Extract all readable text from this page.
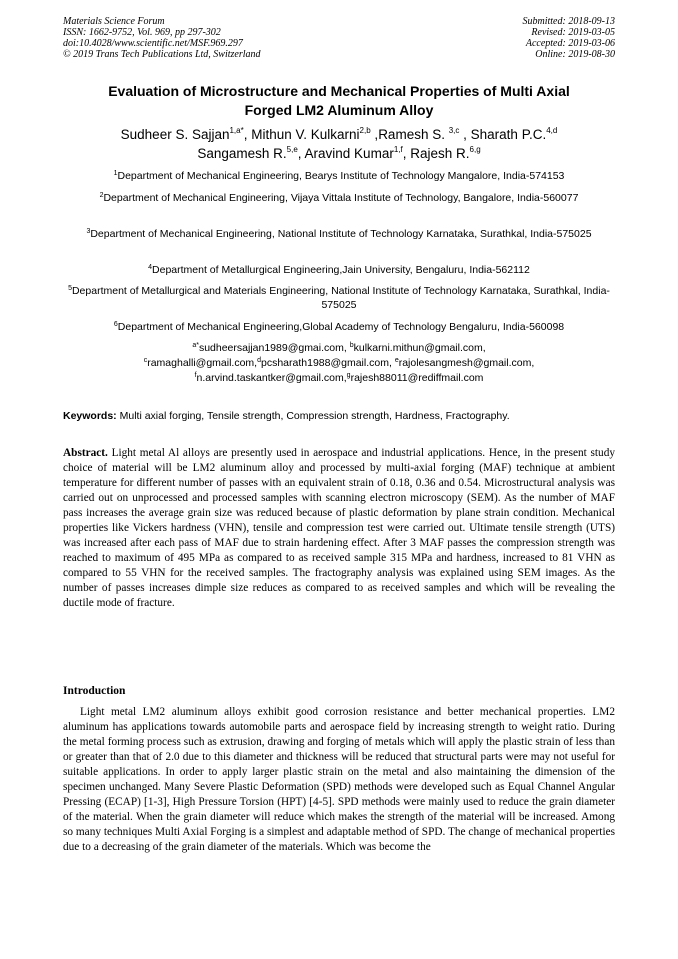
Materials Science Forum
ISSN: 1662-9752, Vol. 969, pp 297-302
doi:10.4028/www.scientific.net/MSF.969.297
© 2019 Trans Tech Publications Ltd, Switzerland
Submitted: 2018-09-13
Revised: 2019-03-05
Accepted: 2019-03-06
Online: 2019-08-30
Evaluation of Microstructure and Mechanical Properties of Multi Axial
Forged LM2 Aluminum Alloy
Sudheer S. Sajjan$^{1,a*}$, Mithun V. Kulkarni$^{2,b}$ ,Ramesh S. $^{3,c}$ , Sharath P.C.$^{4,d}$
Sangamesh R.$^{5,e}$, Aravind Kumar$^{1,f}$, Rajesh R.$^{6,g}$
$^1$Department of Mechanical Engineering, Bearys Institute of Technology Mangalore, India-574153
$^2$Department of Mechanical Engineering, Vijaya Vittala Institute of Technology, Bangalore, India-560077
$^3$Department of Mechanical Engineering, National Institute of Technology Karnataka, Surathkal, India-575025
$^4$Department of Metallurgical Engineering,Jain University, Bengaluru, India-562112
$^5$Department of Metallurgical and Materials Engineering, National Institute of Technology Karnataka, Surathkal, India-575025
$^6$Department of Mechanical Engineering,Global Academy of Technology Bengaluru, India-560098
$^{a*}$sudheersajjan1989@gmai.com, $^b$kulkarni.mithun@gmail.com,
$^c$ramaghalli@gmail.com,$^d$pcsharath1988@gmail.com, $^e$rajolesangmesh@gmail.com,
$^f$n.arvind.taskantker@gmail.com,$^g$rajesh88011@rediffmail.com
Keywords: Multi axial forging, Tensile strength, Compression strength, Hardness, Fractography.

Abstract. Light metal Al alloys are presently used in aerospace and industrial applications. Hence, in the present study choice of material will be LM2 aluminum alloy and processed by multi-axial forging (MAF) technique at ambient temperature for different number of passes with an equivalent strain of 0.18, 0.36 and 0.54. Microstructural analysis was carried out on unprocessed and processed samples with scanning electron microscopy (SEM). As the number of MAF pass increases the average grain size was reduced because of plastic deformation by plane strain condition. Mechanical properties like Vickers hardness (VHN), tensile and compression test were carried out. Ultimate tensile strength (UTS) was increased after each pass of MAF due to strain hardening effect. After 3 MAF passes the compression strength was reached to maximum of 495 MPa as compared to as received sample 315 MPa and hardness, increased to 81 VHN as compared to 55 VHN for the received samples. The fractography analysis was explained using SEM images. As the number of passes increases dimple size reduces as compared to as received samples and which will be revealing the ductile mode of fracture.

Introduction

Light metal LM2 aluminum alloys exhibit good corrosion resistance and better mechanical properties. LM2 aluminum has applications towards automobile parts and aerospace field by increasing strength to weight ratio. During the metal forming process such as extrusion, drawing and forging of metals which will apply the plastic strain of less than or greater than that of 2.0 due to this diameter and thickness will be reduced that structural parts were may not useful for suitable applications. In order to apply larger plastic strain on the metal and also maintaining the dimension of the specimen unchanged. Many Severe Plastic Deformation (SPD) methods were developed such as Equal Channel Angular Pressing (ECAP) [1-3], High Pressure Torsion (HPT) [4-5]. SPD methods were mainly used to reduce the grain diameter of the material. When the grain diameter will reduce which makes the strength of the material will be increased. Among so many techniques Multi Axial Forging is a simplest and adaptable method of SPD. The change of mechanical properties due to a decreasing of the grain diameter of the materials. Which was become the
